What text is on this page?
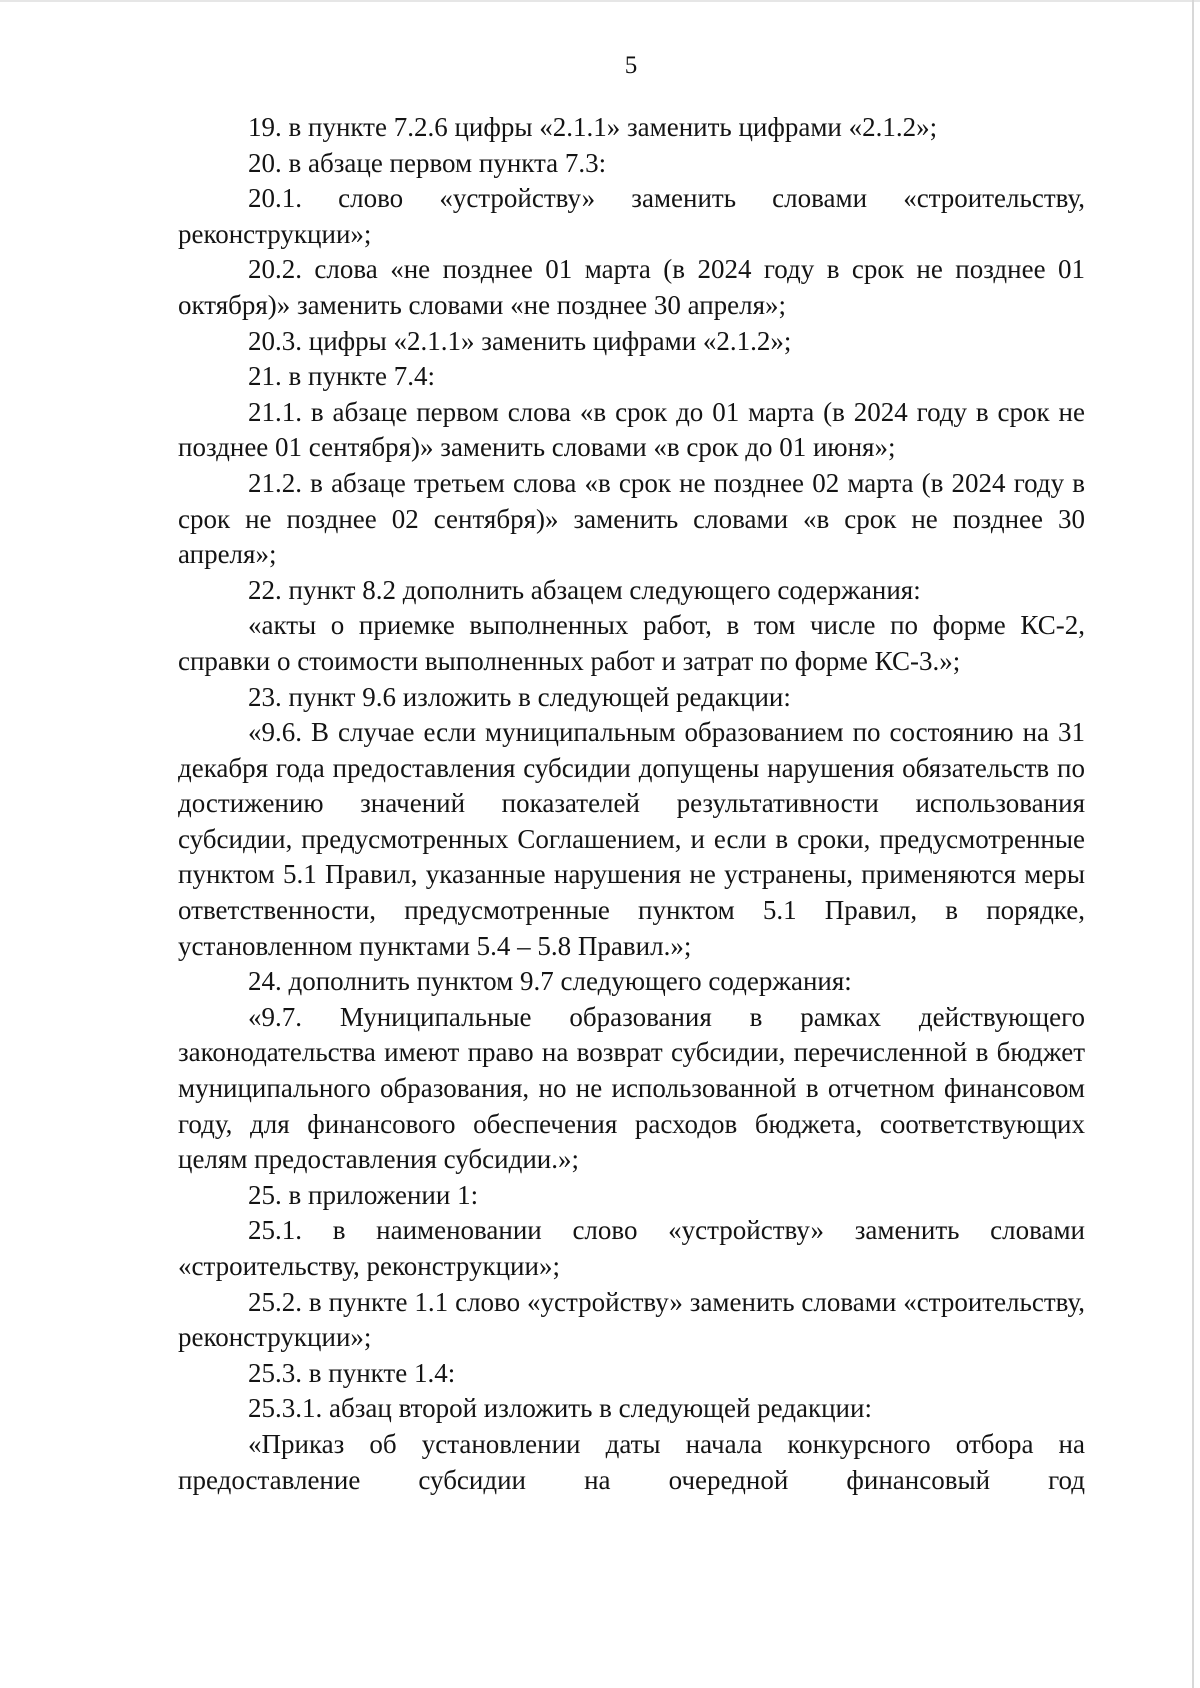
5

19. в пункте 7.2.6 цифры «2.1.1» заменить цифрами «2.1.2»;

20. в абзаце первом пункта 7.3:

20.1. слово «устройству» заменить словами «строительству, реконструкции»;

20.2. слова «не позднее 01 марта (в 2024 году в срок не позднее 01 октября)» заменить словами «не позднее 30 апреля»;

20.3. цифры «2.1.1» заменить цифрами «2.1.2»;

21. в пункте 7.4:

21.1. в абзаце первом слова «в срок до 01 марта (в 2024 году в срок не позднее 01 сентября)» заменить словами «в срок до 01 июня»;

21.2. в абзаце третьем слова «в срок не позднее 02 марта (в 2024 году в срок не позднее 02 сентября)» заменить словами «в срок не позднее 30 апреля»;

22. пункт 8.2 дополнить абзацем следующего содержания:

«акты о приемке выполненных работ, в том числе по форме КС-2, справки о стоимости выполненных работ и затрат по форме КС-3.»;

23. пункт 9.6 изложить в следующей редакции:

«9.6. В случае если муниципальным образованием по состоянию на 31 декабря года предоставления субсидии допущены нарушения обязательств по достижению значений показателей результативности использования субсидии, предусмотренных Соглашением, и если в сроки, предусмотренные пунктом 5.1 Правил, указанные нарушения не устранены, применяются меры ответственности, предусмотренные пунктом 5.1 Правил, в порядке, установленном пунктами 5.4 – 5.8 Правил.»;

24. дополнить пунктом 9.7 следующего содержания:

«9.7. Муниципальные образования в рамках действующего законодательства имеют право на возврат субсидии, перечисленной в бюджет муниципального образования, но не использованной в отчетном финансовом году, для финансового обеспечения расходов бюджета, соответствующих целям предоставления субсидии.»;

25. в приложении 1:

25.1. в наименовании слово «устройству» заменить словами «строительству, реконструкции»;

25.2. в пункте 1.1 слово «устройству» заменить словами «строительству, реконструкции»;

25.3. в пункте 1.4:

25.3.1. абзац второй изложить в следующей редакции:

«Приказ об установлении даты начала конкурсного отбора на предоставление субсидии на очередной финансовый год
